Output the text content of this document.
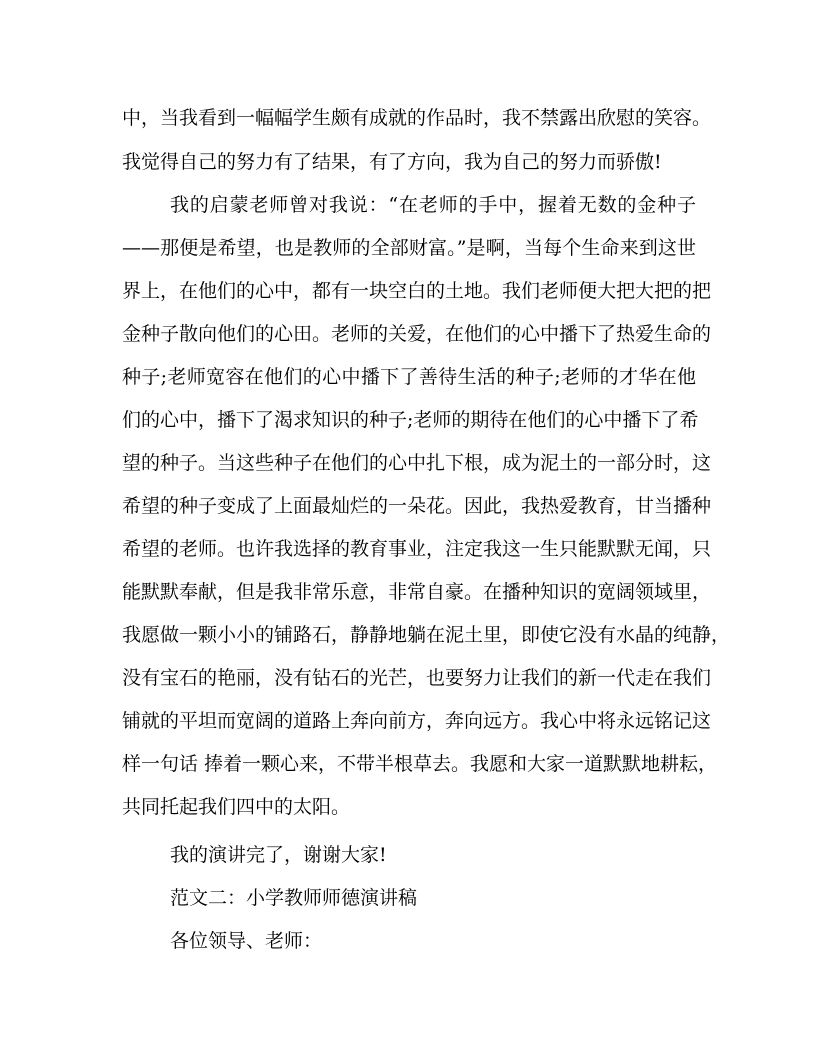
中，当我看到一幅幅学生颇有成就的作品时，我不禁露出欣慰的笑容。
我觉得自己的努力有了结果，有了方向，我为自己的努力而骄傲!
我的启蒙老师曾对我说：“在老师的手中，握着无数的金种子
——那便是希望，也是教师的全部财富。”是啊，当每个生命来到这世
界上，在他们的心中，都有一块空白的土地。我们老师便大把大把的把
金种子散向他们的心田。老师的关爱，在他们的心中播下了热爱生命的
种子;老师宽容在他们的心中播下了善待生活的种子;老师的才华在他
们的心中，播下了渴求知识的种子;老师的期待在他们的心中播下了希
望的种子。当这些种子在他们的心中扎下根，成为泥土的一部分时，这
希望的种子变成了上面最灿烂的一朵花。因此，我热爱教育，甘当播种
希望的老师。也许我选择的教育事业，注定我这一生只能默默无闻，只
能默默奉献，但是我非常乐意，非常自豪。在播种知识的宽阔领域里，
我愿做一颗小小的铺路石，静静地躺在泥土里，即使它没有水晶的纯静，
没有宝石的艳丽，没有钻石的光芒，也要努力让我们的新一代走在我们
铺就的平坦而宽阔的道路上奔向前方，奔向远方。我心中将永远铭记这
样一句话 捧着一颗心来，不带半根草去。我愿和大家一道默默地耕耘，
共同托起我们四中的太阳。
我的演讲完了，谢谢大家!
范文二：小学教师师德演讲稿
各位领导、老师：
